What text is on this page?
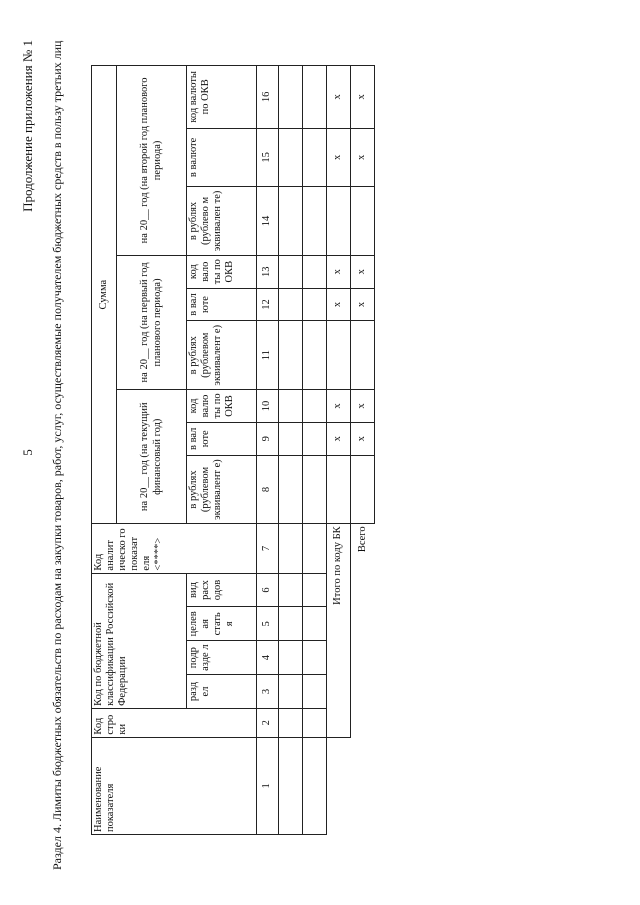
5
Продолжение приложения № 1 Раздел 4. Лимиты бюджетных обязательств по расходам на закупки товаров, работ, услуг, осуществляемые получателем бюджетных средств в пользу третьих лиц	Наименование показателя	Код стро ки	Код по бюджетной классификации Российской Федерации				Код аналит ическо го показат еля <****>	Сумма								
							на 20__ год (на текущий финансовый год)			на 20__ год (на первый год планового периода)			на 20__ год (на второй год планового периода)		
		разд ел	подр азде л	целев ая стать я	вид расх одов		в рублях (рублевом эквивалент е)	в вал юте	код валю ты по ОКВ	в рублях (рублевом эквивалент е)	в вал юте	код вало ты по ОКВ	в рублях (рублево м эквивален те)	в валюте	код валюты по ОКВ
1	2	3	4	5	6	7	8	9	10	11	12	13	14	15	16

	Итого по коду БК							x	x		x	x		x	x
	Всего							x	x		x	x		x	x
